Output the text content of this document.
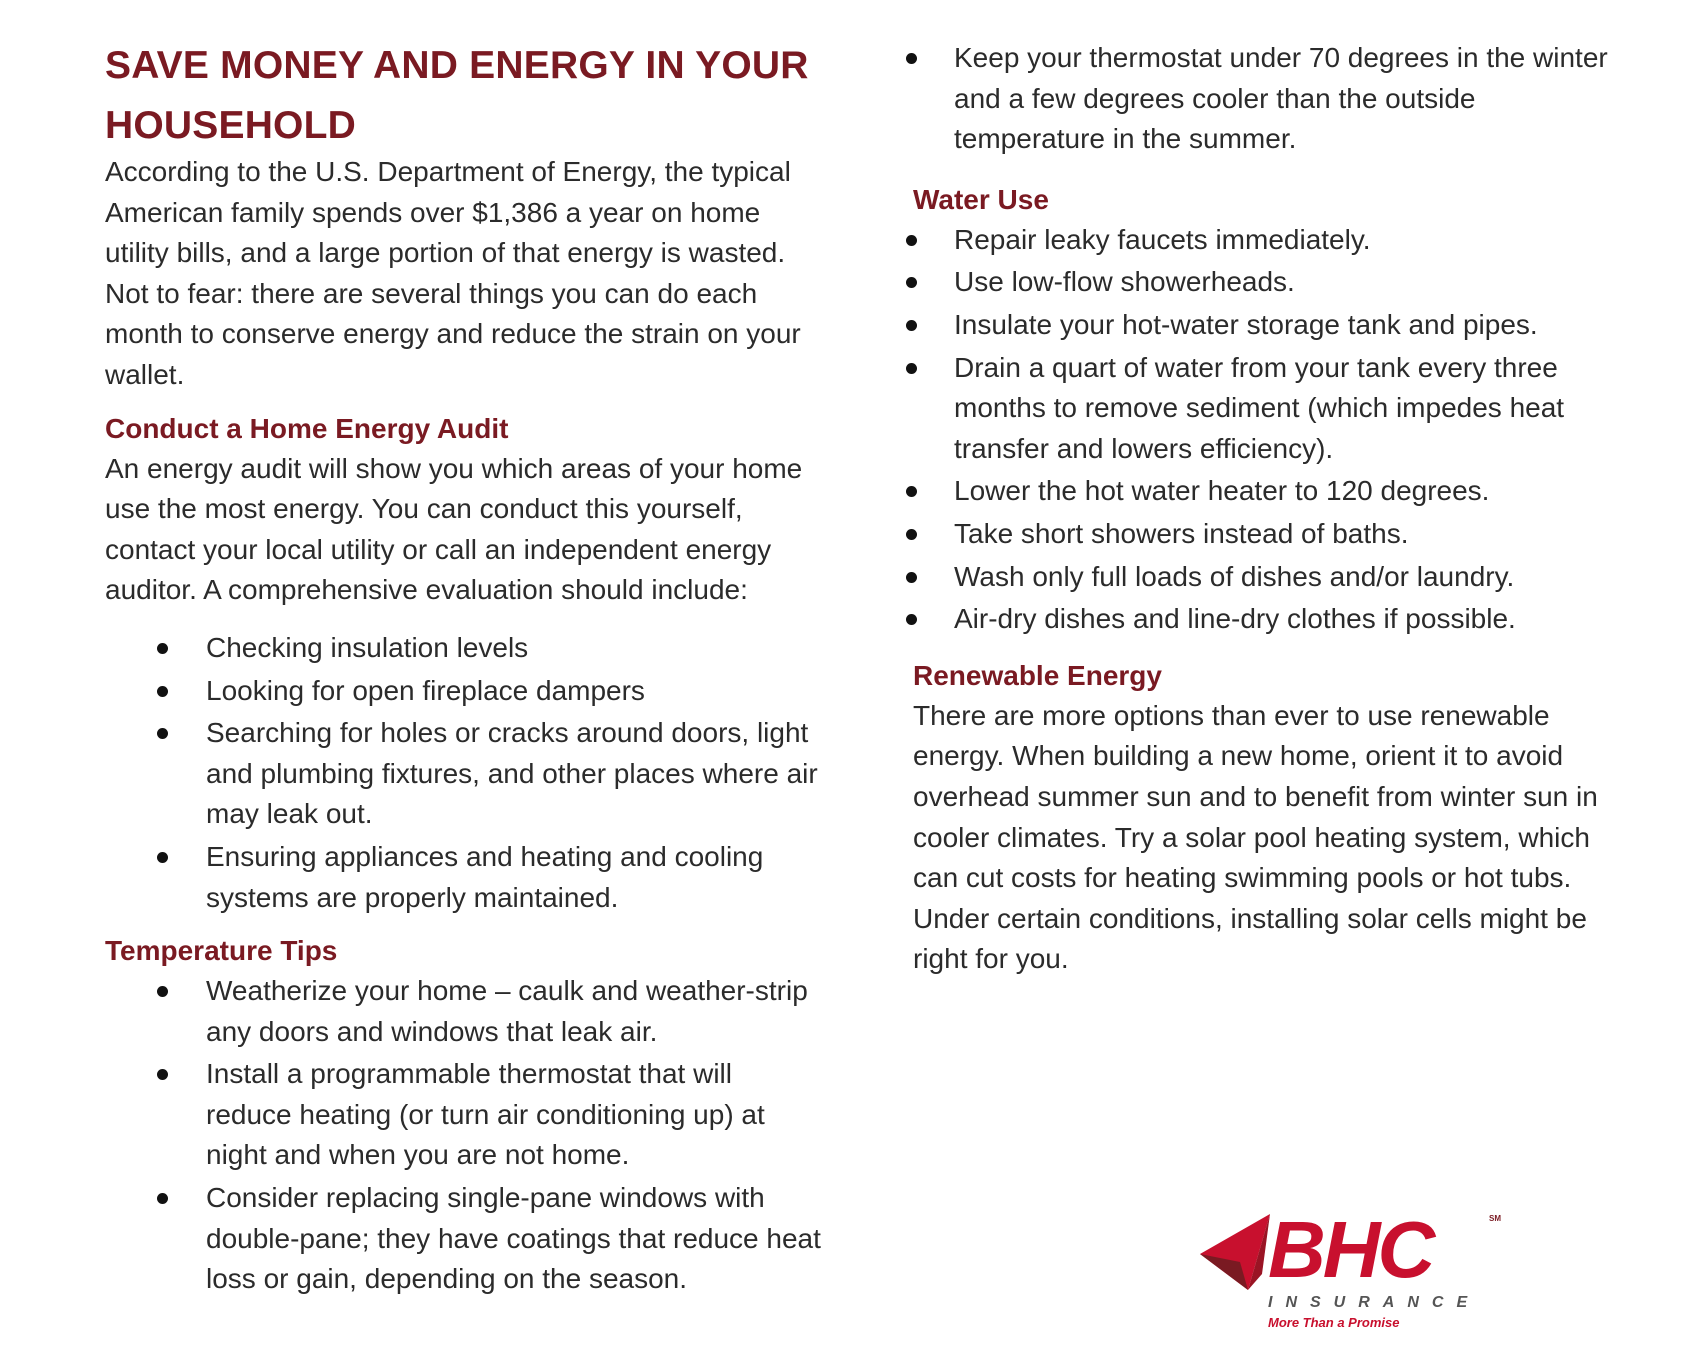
SAVE MONEY AND ENERGY IN YOUR
HOUSEHOLD

According to the U.S. Department of Energy, the typical American family spends over $1,386 a year on home utility bills, and a large portion of that energy is wasted. Not to fear: there are several things you can do each month to conserve energy and reduce the strain on your wallet.

Conduct a Home Energy Audit

An energy audit will show you which areas of your home use the most energy. You can conduct this yourself, contact your local utility or call an independent energy auditor. A comprehensive evaluation should include:

Checking insulation levels
Looking for open fireplace dampers
Searching for holes or cracks around doors, light and plumbing fixtures, and other places where air may leak out.
Ensuring appliances and heating and cooling systems are properly maintained.
Temperature Tips
Weatherize your home – caulk and weather-strip any doors and windows that leak air.
Install a programmable thermostat that will reduce heating (or turn air conditioning up) at night and when you are not home.
Consider replacing single-pane windows with double-pane; they have coatings that reduce heat loss or gain, depending on the season.
Keep your thermostat under 70 degrees in the winter and a few degrees cooler than the outside temperature in the summer.
Water Use
Repair leaky faucets immediately.
Use low-flow showerheads.
Insulate your hot-water storage tank and pipes.
Drain a quart of water from your tank every three months to remove sediment (which impedes heat transfer and lowers efficiency).
Lower the hot water heater to 120 degrees.
Take short showers instead of baths.
Wash only full loads of dishes and/or laundry.
Air-dry dishes and line-dry clothes if possible.
Renewable Energy

There are more options than ever to use renewable energy. When building a new home, orient it to avoid overhead summer sun and to benefit from winter sun in cooler climates. Try a solar pool heating system, which can cut costs for heating swimming pools or hot tubs. Under certain conditions, installing solar cells might be right for you.

BHC	SM
INSURANCE
More Than a Promise
